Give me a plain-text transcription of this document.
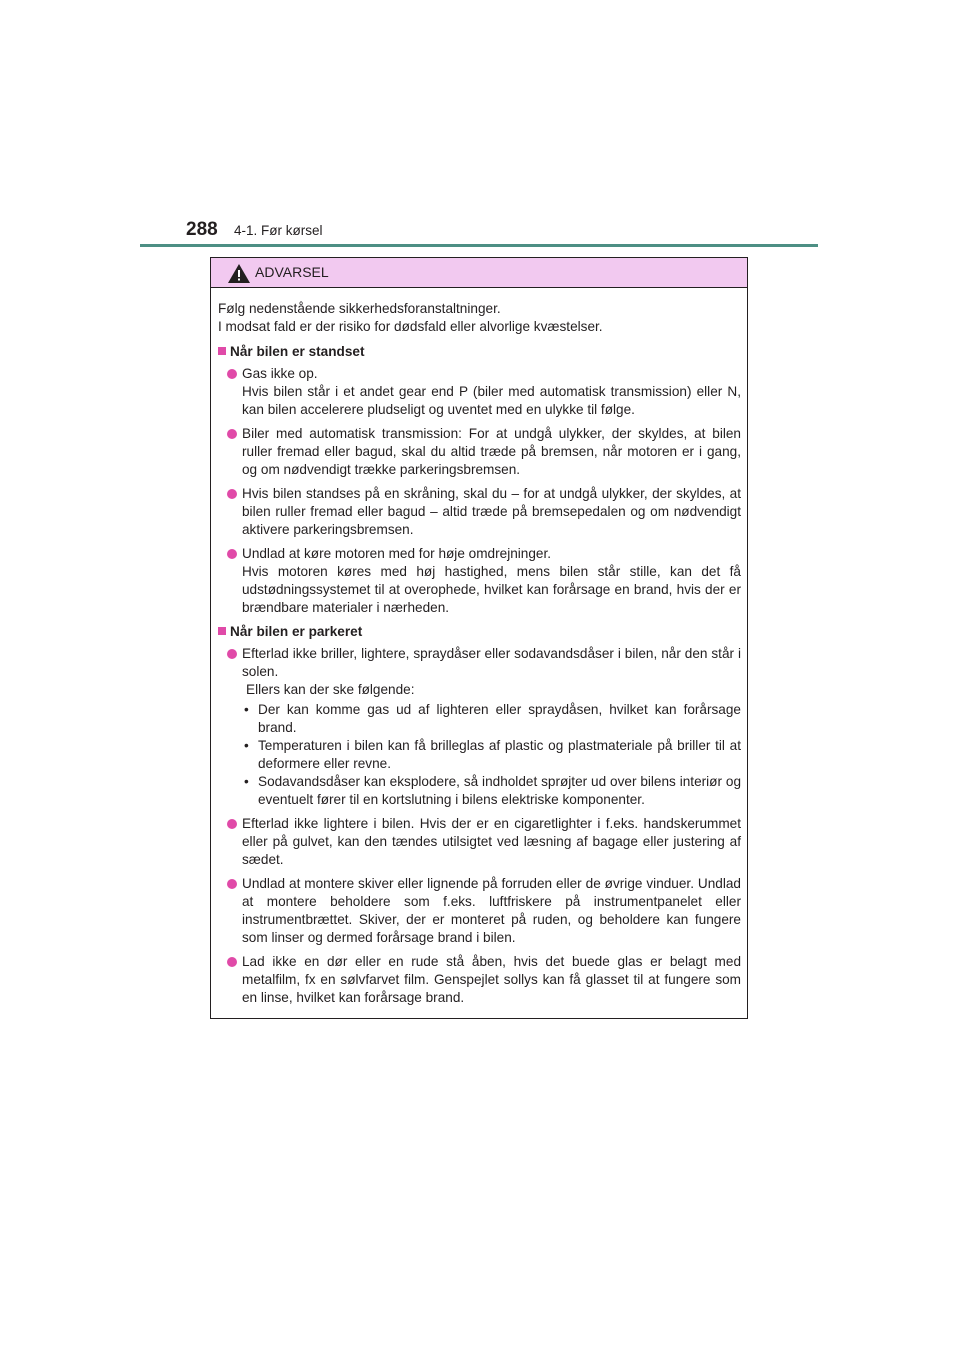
288 4-1. Før kørsel
ADVARSEL

Følg nedenstående sikkerhedsforanstaltninger.

I modsat fald er der risiko for dødsfald eller alvorlige kvæstelser.

Når bilen er standset

Gas ikke op.

Hvis bilen står i et andet gear end P (biler med automatisk transmission) eller N, kan bilen accelerere pludseligt og uventet med en ulykke til følge.

Biler med automatisk transmission: For at undgå ulykker, der skyldes, at bilen ruller fremad eller bagud, skal du altid træde på bremsen, når motoren er i gang, og om nødvendigt trække parkeringsbremsen.

Hvis bilen standses på en skråning, skal du – for at undgå ulykker, der skyldes, at bilen ruller fremad eller bagud – altid træde på bremsepedalen og om nødvendigt aktivere parkeringsbremsen.

Undlad at køre motoren med for høje omdrejninger.

Hvis motoren køres med høj hastighed, mens bilen står stille, kan det få udstødningssystemet til at overophede, hvilket kan forårsage en brand, hvis der er brændbare materialer i nærheden.

Når bilen er parkeret

Efterlad ikke briller, lightere, spraydåser eller sodavandsdåser i bilen, når den står i solen.

Ellers kan der ske følgende:

• Der kan komme gas ud af lighteren eller spraydåsen, hvilket kan forårsage brand.
• Temperaturen i bilen kan få brilleglas af plastic og plastmateriale på briller til at deformere eller revne.
• Sodavandsdåser kan eksplodere, så indholdet sprøjter ud over bilens interiør og eventuelt fører til en kortslutning i bilens elektriske komponenter.

Efterlad ikke lightere i bilen. Hvis der er en cigaretlighter i f.eks. handskerummet eller på gulvet, kan den tændes utilsigtet ved læsning af bagage eller justering af sædet.

Undlad at montere skiver eller lignende på forruden eller de øvrige vinduer. Undlad at montere beholdere som f.eks. luftfriskere på instrumentpanelet eller instrumentbrættet. Skiver, der er monteret på ruden, og beholdere kan fungere som linser og dermed forårsage brand i bilen.

Lad ikke en dør eller en rude stå åben, hvis det buede glas er belagt med metalfilm, fx en sølvfarvet film. Genspejlet sollys kan få glasset til at fungere som en linse, hvilket kan forårsage brand.
